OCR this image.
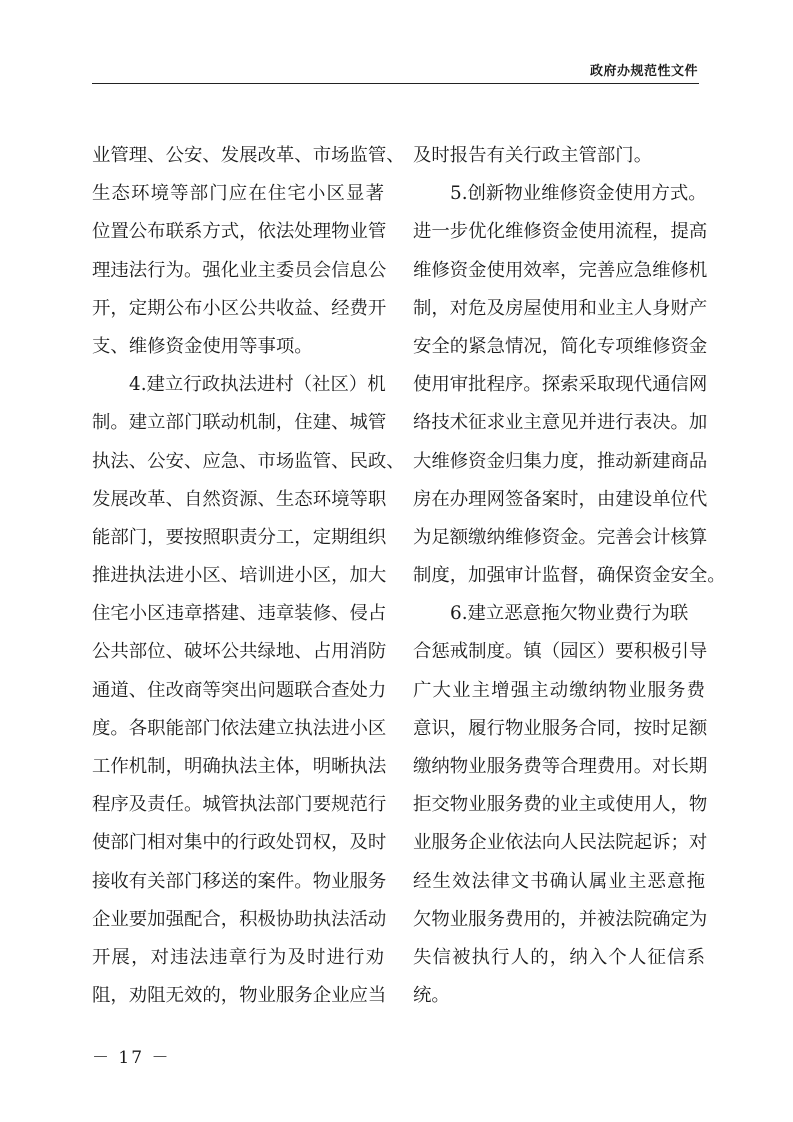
政府办规范性文件
业管理、公安、发展改革、市场监管、
生态环境等部门应在住宅小区显著
位置公布联系方式，依法处理物业管
理违法行为。强化业主委员会信息公
开，定期公布小区公共收益、经费开
支、维修资金使用等事项。
4.建立行政执法进村（社区）机
制。建立部门联动机制，住建、城管
执法、公安、应急、市场监管、民政、
发展改革、自然资源、生态环境等职
能部门，要按照职责分工，定期组织
推进执法进小区、培训进小区，加大
住宅小区违章搭建、违章装修、侵占
公共部位、破坏公共绿地、占用消防
通道、住改商等突出问题联合查处力
度。各职能部门依法建立执法进小区
工作机制，明确执法主体，明晰执法
程序及责任。城管执法部门要规范行
使部门相对集中的行政处罚权，及时
接收有关部门移送的案件。物业服务
企业要加强配合，积极协助执法活动
开展，对违法违章行为及时进行劝
阻，劝阻无效的，物业服务企业应当
及时报告有关行政主管部门。
5.创新物业维修资金使用方式。
进一步优化维修资金使用流程，提高
维修资金使用效率，完善应急维修机
制，对危及房屋使用和业主人身财产
安全的紧急情况，简化专项维修资金
使用审批程序。探索采取现代通信网
络技术征求业主意见并进行表决。加
大维修资金归集力度，推动新建商品
房在办理网签备案时，由建设单位代
为足额缴纳维修资金。完善会计核算
制度，加强审计监督，确保资金安全。
6.建立恶意拖欠物业费行为联
合惩戒制度。镇（园区）要积极引导
广大业主增强主动缴纳物业服务费
意识，履行物业服务合同，按时足额
缴纳物业服务费等合理费用。对长期
拒交物业服务费的业主或使用人，物
业服务企业依法向人民法院起诉；对
经生效法律文书确认属业主恶意拖
欠物业服务费用的，并被法院确定为
失信被执行人的，纳入个人征信系
统。
－ 17 －
